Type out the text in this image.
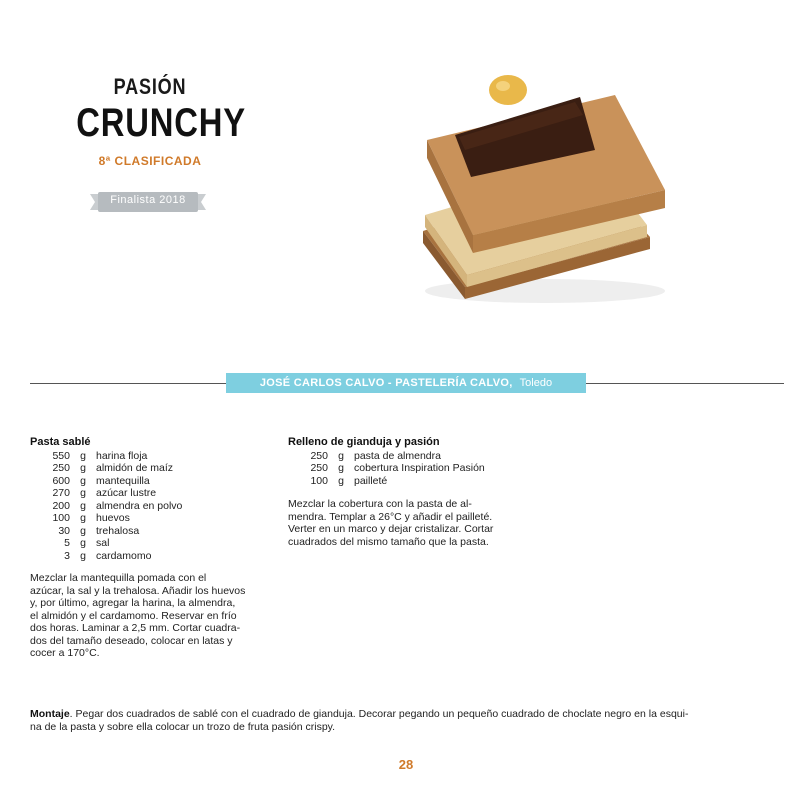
PASIÓN
CRUNCHY
8ª CLASIFICADA
Finalista 2018
JOSÉ CARLOS CALVO - PASTELERÍA CALVO, Toledo
Pasta sablé
550 g harina floja
250 g almidón de maíz
600 g mantequilla
270 g azúcar lustre
200 g almendra en polvo
100 g huevos
30 g trehalosa
5 g sal
3 g cardamomo
Mezclar la mantequilla pomada con el
azúcar, la sal y la trehalosa. Añadir los huevos
y, por último, agregar la harina, la almendra,
el almidón y el cardamomo. Reservar en frío
dos horas. Laminar a 2,5 mm. Cortar cuadra-
dos del tamaño deseado, colocar en latas y
cocer a 170°C.
Relleno de gianduja y pasión
250 g pasta de almendra
250 g cobertura Inspiration Pasión
100 g pailleté
Mezclar la cobertura con la pasta de al-
mendra. Templar a 26°C y añadir el pailleté.
Verter en un marco y dejar cristalizar. Cortar
cuadrados del mismo tamaño que la pasta.
Montaje. Pegar dos cuadrados de sablé con el cuadrado de gianduja. Decorar pegando un pequeño cuadrado de choclate negro en la esqui-
na de la pasta y sobre ella colocar un trozo de fruta pasión crispy.
28
